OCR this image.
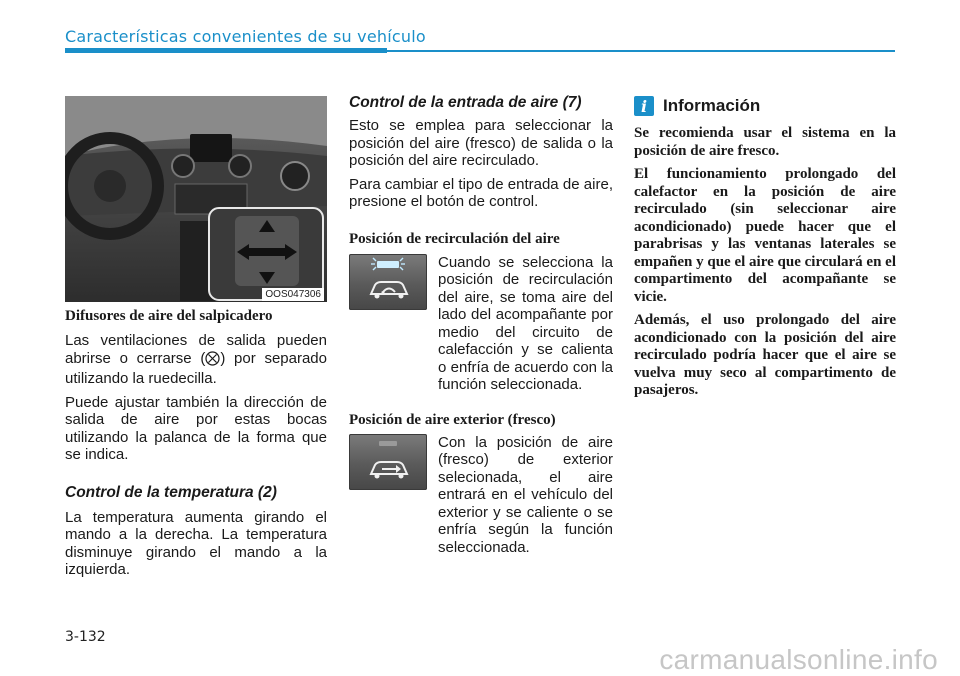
Características convenientes de su vehículo
OOS047306
Difusores de aire del salpicadero

Las ventilaciones de salida pueden abrirse o cerrarse ( ) por separado utilizando la ruedecilla.

Puede ajustar también la dirección de salida de aire por estas bocas utilizando la palanca de la forma que se indica.

Control de la temperatura (2)

La temperatura aumenta girando el mando a la derecha. La temperatura disminuye girando el mando a la izquierda.

Control de la entrada de aire (7)

Esto se emplea para seleccionar la posición del aire (fresco) de salida o la posición del aire recirculado.

Para cambiar el tipo de entrada de aire, presione el botón de control.

Posición de recirculación del aire

Cuando se selecciona la posición de recirculación del aire, se toma aire del lado del acompañante por medio del circuito de calefacción y se calienta o enfría de acuerdo con la función seleccionada.

Posición de aire exterior (fresco)

Con la posición de aire (fresco) de exterior selecionada, el aire entrará en el vehículo del exterior y se caliente o se enfría según la función seleccionada.

i Información

Se recomienda usar el sistema en la posición de aire fresco.

El funcionamiento prolongado del calefactor en la posición de aire recirculado (sin seleccionar aire acondicionado) puede hacer que el parabrisas y las ventanas laterales se empañen y que el aire que circulará en el compartimento del acompañante se vicie.

Además, el uso prolongado del aire acondicionado con la posición del aire recirculado podría hacer que el aire se vuelva muy seco al compartimento de pasajeros.

3-132
carmanualsonline.info
